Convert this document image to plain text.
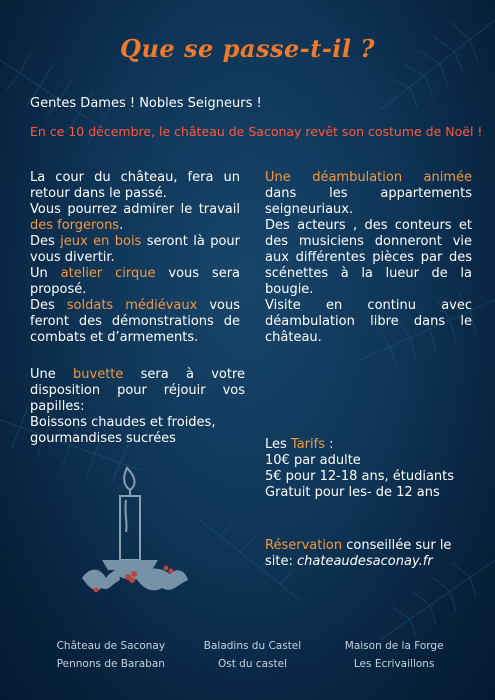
Que se passe-t-il ?
Gentes Dames ! Nobles Seigneurs !
En ce 10 décembre, le château de Saconay revêt son costume de Noël !
La cour du château, fera un retour dans le passé.
Vous pourrez admirer le travail des forgerons.
Des jeux en bois seront là pour vous divertir.
Un atelier cirque vous sera proposé.
Des soldats médiévaux vous feront des démonstrations de combats et d’armements.
Une déambulation animée dans les appartements seigneuriaux.
Des acteurs , des conteurs et des musiciens donneront vie aux différentes pièces par des scénettes à la lueur de la bougie.
Visite en continu avec déambulation libre dans le château.
Une buvette sera à votre disposition pour réjouir vos papilles:
Boissons chaudes et froides,
gourmandises sucrées	Les Tarifs :
10€ par adulte
5€ pour 12-18 ans, étudiants
Gratuit pour les- de 12 ans
Réservation conseillée sur le site: chateaudesaconay.fr
Château de Saconay	Baladins du Castel	Maison de la Forge
Pennons de Baraban	Ost du castel	Les Ecrivaillons
